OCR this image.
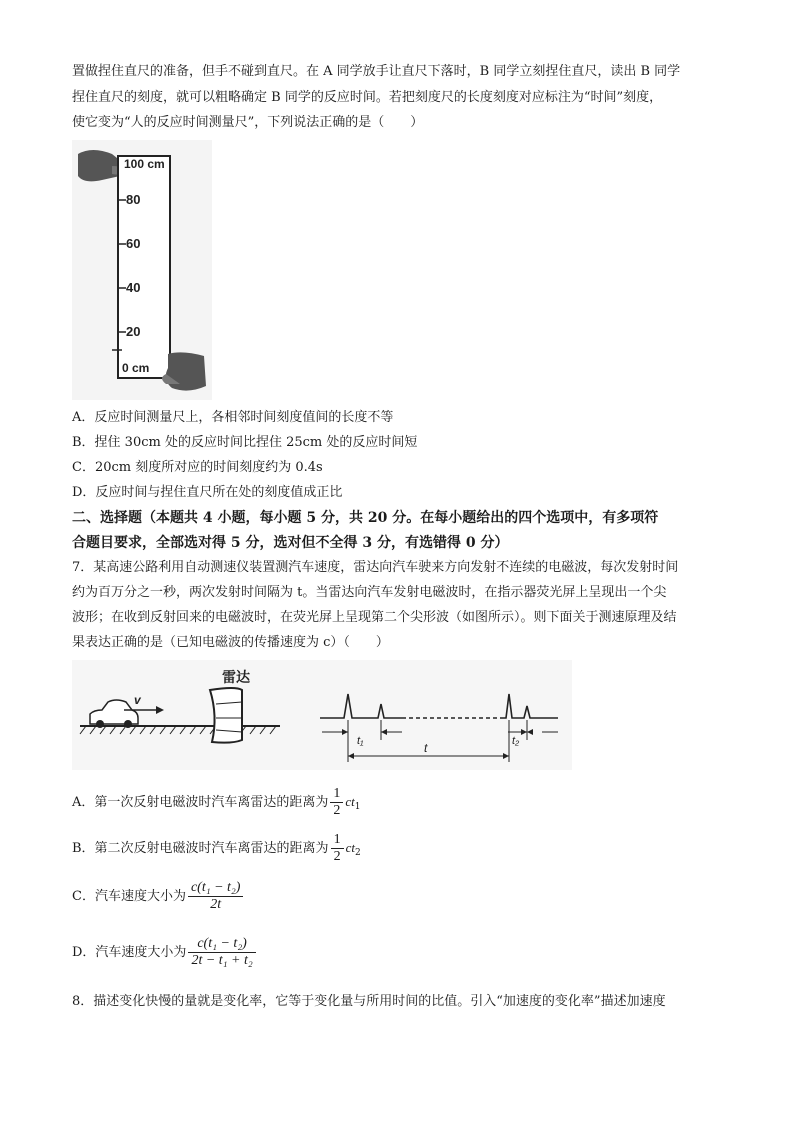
置做捏住直尺的准备，但手不碰到直尺。在 A 同学放手让直尺下落时，B 同学立刻捏住直尺，读出 B 同学
捏住直尺的刻度，就可以粗略确定 B 同学的反应时间。若把刻度尺的长度刻度对应标注为“时间”刻度，
使它变为“人的反应时间测量尺”，下列说法正确的是（　　）
100 cm
80
60
40
20
0 cm
A．反应时间测量尺上，各相邻时间刻度值间的长度不等
B．捏住 30cm 处的反应时间比捏住 25cm 处的反应时间短
C．20cm 刻度所对应的时间刻度约为 0.4s
D．反应时间与捏住直尺所在处的刻度值成正比
二、选择题（本题共 4 小题，每小题 5 分，共 20 分。在每小题给出的四个选项中，有多项符
合题目要求，全部选对得 5 分，选对但不全得 3 分，有选错得 0 分）
7．某高速公路利用自动测速仪装置测汽车速度，雷达向汽车驶来方向发射不连续的电磁波，每次发射时间
约为百万分之一秒，两次发射时间隔为 t。当雷达向汽车发射电磁波时，在指示器荧光屏上呈现出一个尖
波形；在收到反射回来的电磁波时，在荧光屏上呈现第二个尖形波（如图所示）。则下面关于测速原理及结
果表达正确的是（已知电磁波的传播速度为 c）（　　）
v
雷达
t₁	t	t₂
A．第一次反射电磁波时汽车离雷达的距离为 $\frac{1}{2} ct_1$
B．第二次反射电磁波时汽车离雷达的距离为 $\frac{1}{2} ct_2$
C．汽车速度大小为 $\frac{\text{c(t₁ − t₂)}}{2t}$
D．汽车速度大小为 $\frac{\text{c(t₁ − t₂)}}{\text{2t − t₁ + t₂}}$
8．描述变化快慢的量就是变化率，它等于变化量与所用时间的比值。引入“加速度的变化率”描述加速度
